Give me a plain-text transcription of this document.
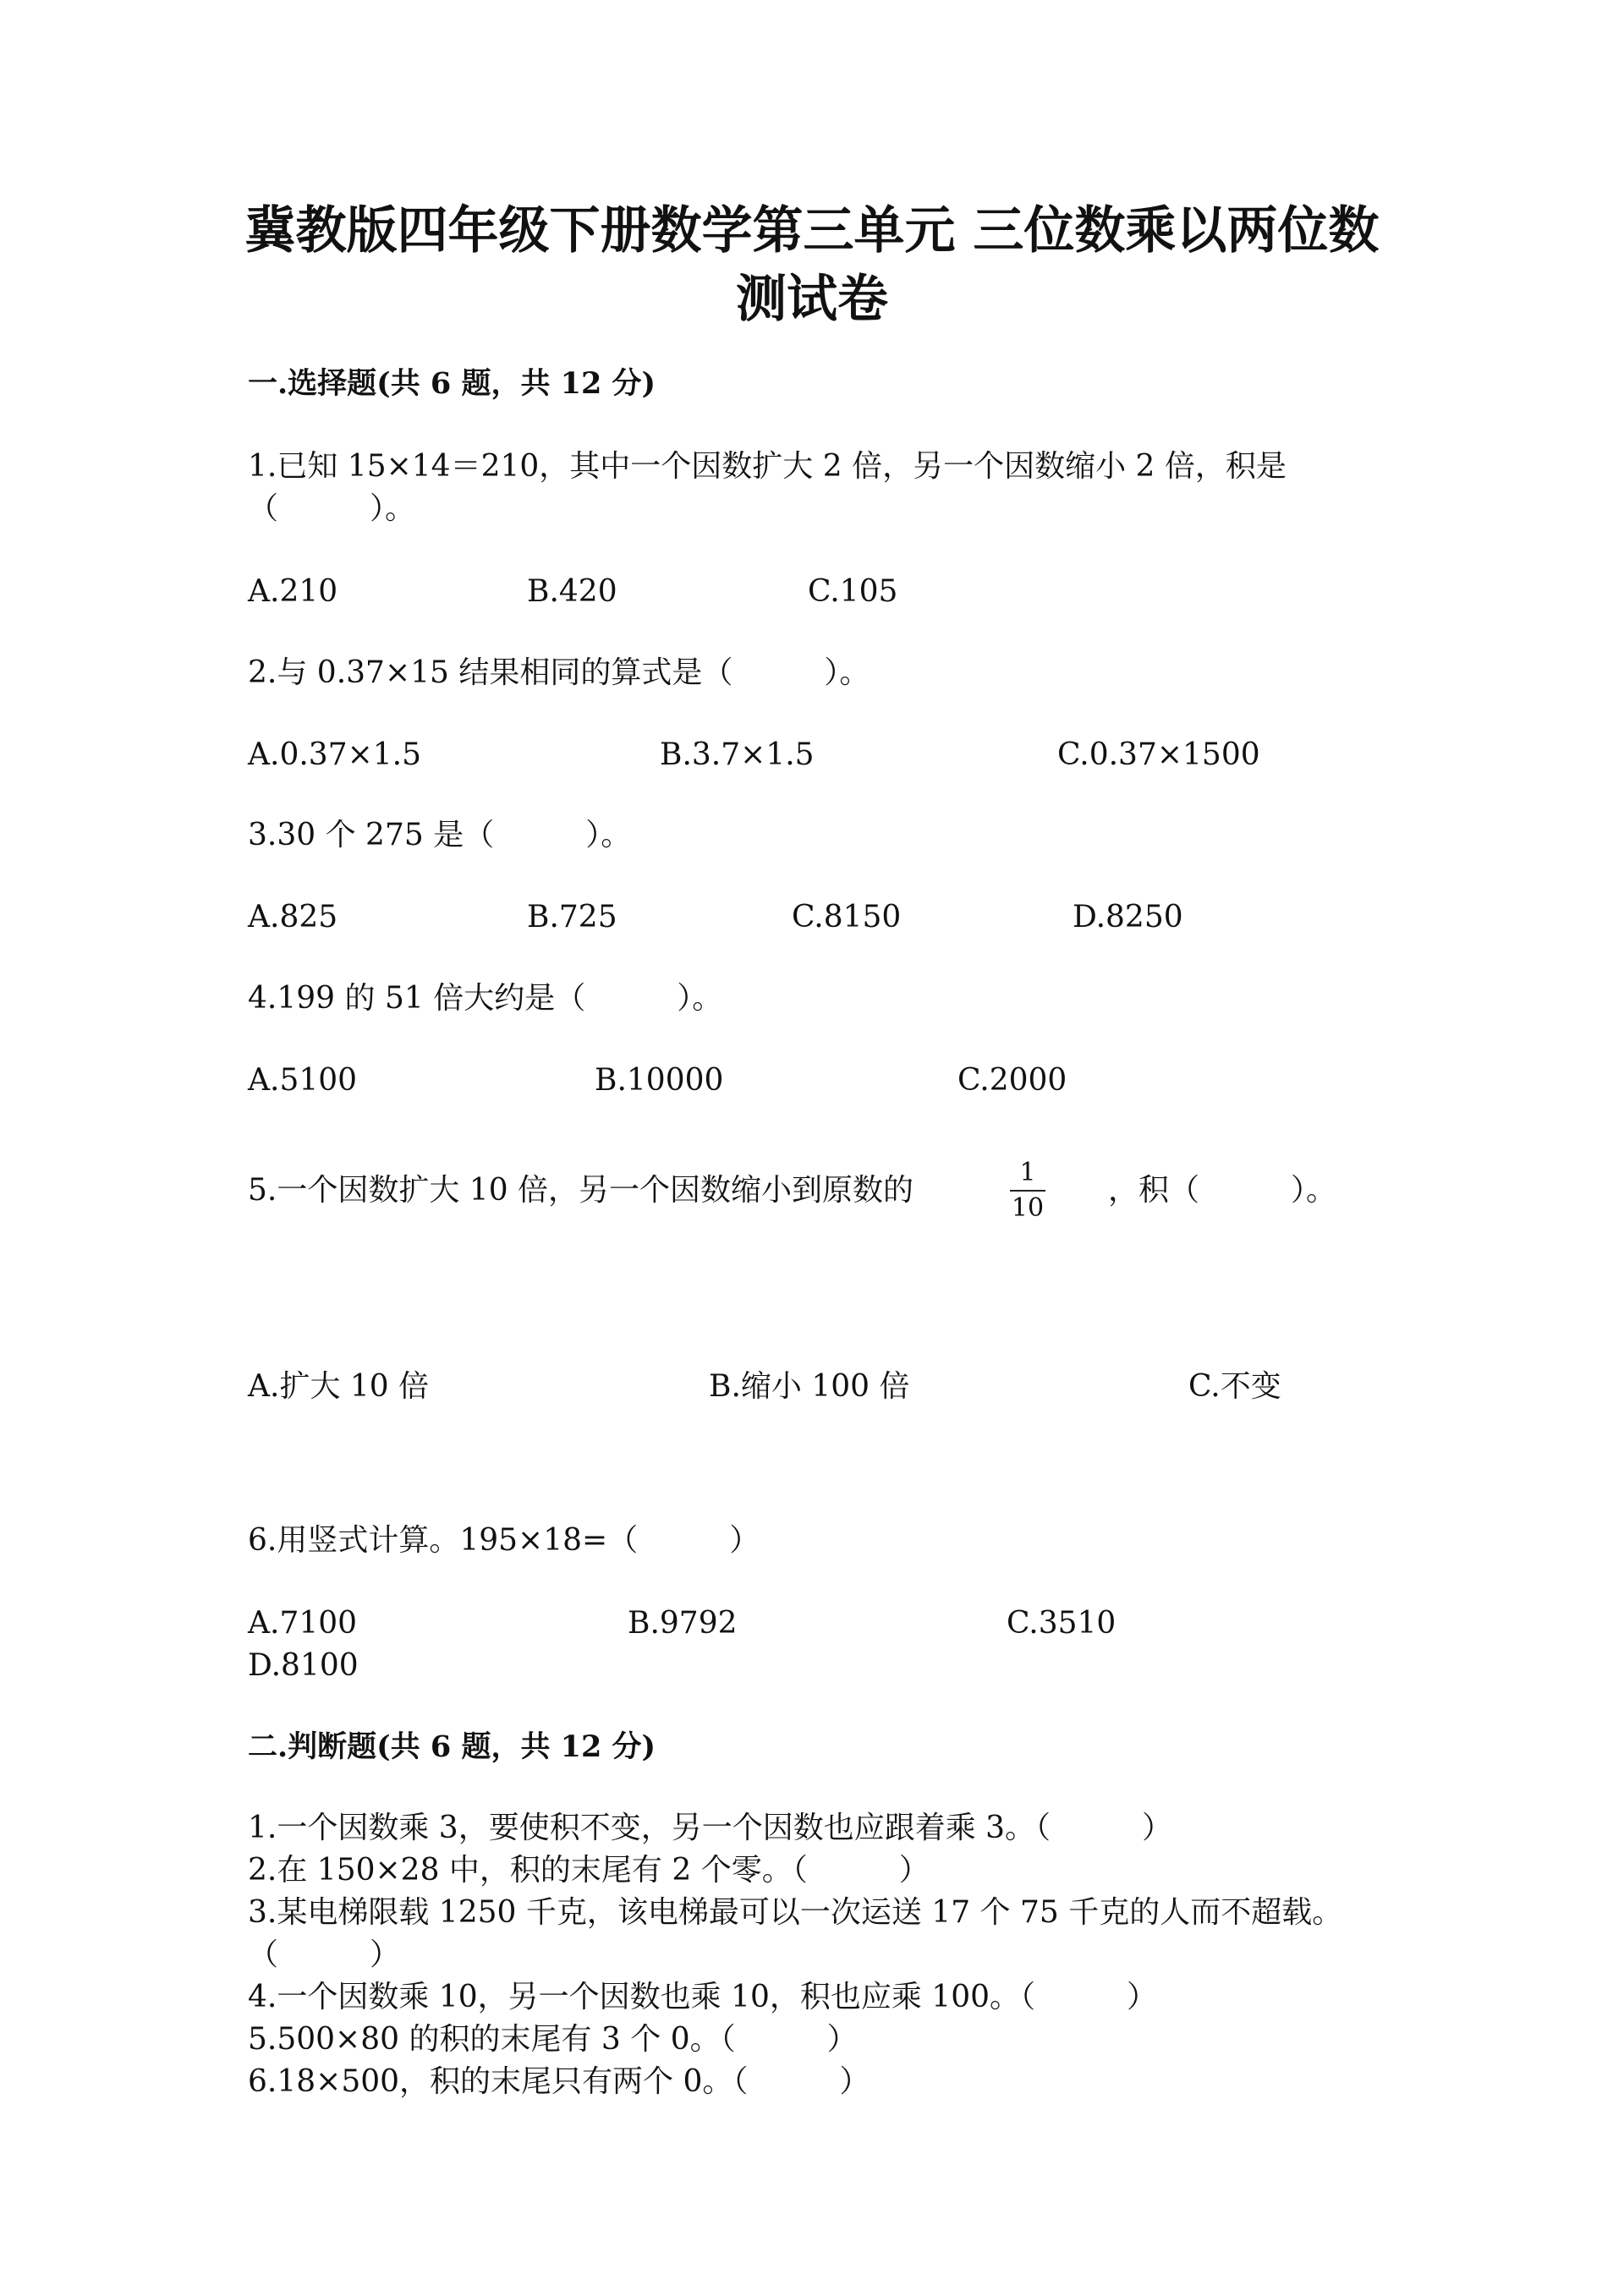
冀教版四年级下册数学第三单元 三位数乘以两位数
测试卷
一.选择题(共 6 题，共 12 分)
1.已知 15×14＝210，其中一个因数扩大 2 倍，另一个因数缩小 2 倍，积是
（　　　）。
A.210	B.420	C.105
2.与 0.37×15 结果相同的算式是（　　　）。
A.0.37×1.5	B.3.7×1.5	C.0.37×1500
3.30 个 275 是（　　　）。
A.825	B.725	C.8150	D.8250
4.199 的 51 倍大约是（　　　）。
A.5100	B.10000	C.2000
5.一个因数扩大 10 倍，另一个因数缩小到原数的
1
10
，积（　　　）。
A.扩大 10 倍	B.缩小 100 倍	C.不变
6.用竖式计算。195×18=（　　　）
A.7100	B.9792	C.3510
D.8100
二.判断题(共 6 题，共 12 分)
1.一个因数乘 3，要使积不变，另一个因数也应跟着乘 3。（　　　）
2.在 150×28 中，积的末尾有 2 个零。（　　　）
3.某电梯限载 1250 千克，该电梯最可以一次运送 17 个 75 千克的人而不超载。
（　　　）
4.一个因数乘 10，另一个因数也乘 10，积也应乘 100。（　　　）
5.500×80 的积的末尾有 3 个 0。（　　　）
6.18×500，积的末尾只有两个 0。（　　　）
